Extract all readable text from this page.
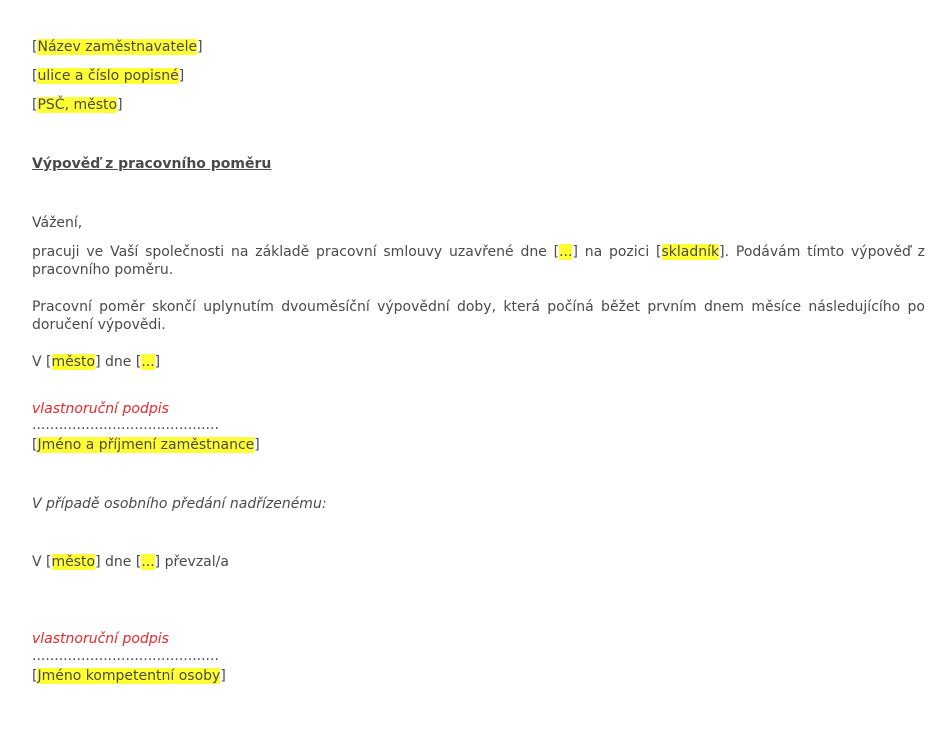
[Název zaměstnavatele]
[ulice a číslo popisné]
[PSČ, město]
Výpověď z pracovního poměru
Vážení,
pracuji ve Vaší společnosti na základě pracovní smlouvy uzavřené dne [...] na pozici [skladník]. Podávám tímto výpověď z pracovního poměru.
Pracovní poměr skončí uplynutím dvouměsíční výpovědní doby, která počíná běžet prvním dnem měsíce následujícího po doručení výpovědi.
V [město] dne [...]
vlastnoruční podpis
..........................................
[Jméno a příjmení zaměstnance]
V případě osobního předání nadřízenému:
V [město] dne [...] převzal/a
vlastnoruční podpis
..........................................
[Jméno kompetentní osoby]
